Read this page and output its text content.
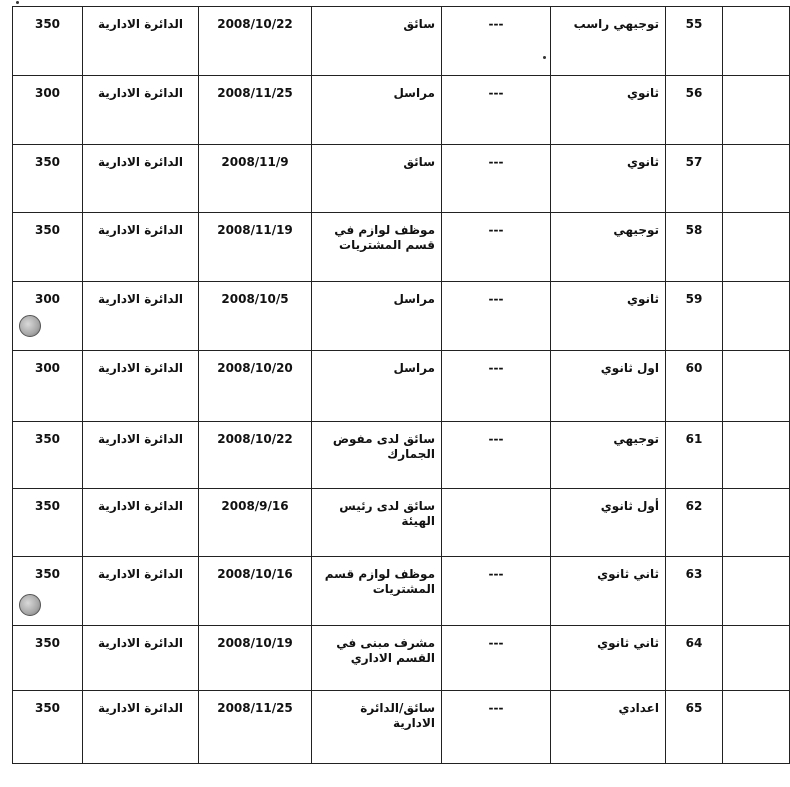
350	الدائرة الادارية	2008/10/22	سائق	---	توجيهي راسب	55	
300	الدائرة الادارية	2008/11/25	مراسل	---	ثانوي	56	
350	الدائرة الادارية	2008/11/9	سائق	---	ثانوي	57	
350	الدائرة الادارية	2008/11/19	موظف لوازم في قسم المشتريات	---	توجيهي	58	
300	الدائرة الادارية	2008/10/5	مراسل	---	ثانوي	59	
300	الدائرة الادارية	2008/10/20	مراسل	---	اول ثانوي	60	
350	الدائرة الادارية	2008/10/22	سائق لدى مفوض الجمارك	---	توجيهي	61	
350	الدائرة الادارية	2008/9/16	سائق لدى رئيس الهيئة		أول ثانوي	62	
350	الدائرة الادارية	2008/10/16	موظف لوازم قسم المشتريات	---	ثاني ثانوي	63	
350	الدائرة الادارية	2008/10/19	مشرف مبنى في القسم الاداري	---	ثاني ثانوي	64	
350	الدائرة الادارية	2008/11/25	سائق/الدائرة الادارية	---	اعدادي	65	
